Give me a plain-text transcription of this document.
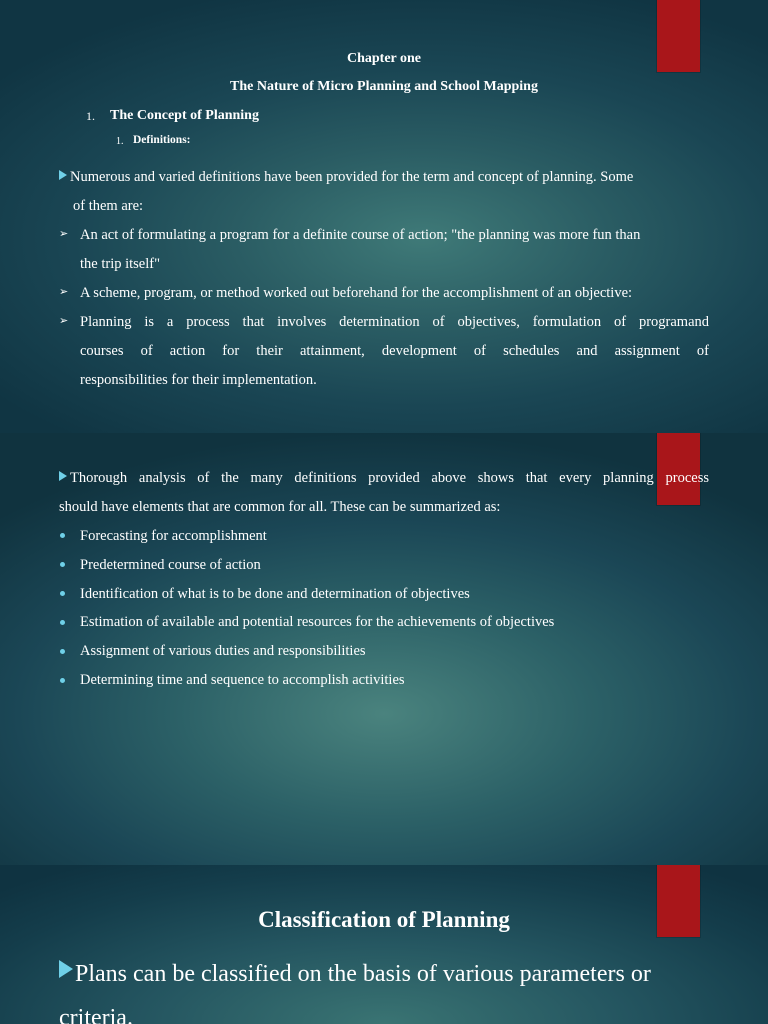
Chapter one
The Nature of Micro Planning and School Mapping
1. The Concept of Planning
1. Definitions:
Numerous and varied definitions have been provided for the term and concept of planning. Some
of them are:
➢ An act of formulating a program for a definite course of action; "the planning was more fun than
the trip itself"
➢ A scheme, program, or method worked out beforehand for the accomplishment of an objective:
➢ Planning is a process that involves determination of objectives, formulation of programand
courses of action for their attainment, development of schedules and assignment of
responsibilities for their implementation.
Thorough analysis of the many definitions provided above shows that every planning process
should have elements that are common for all. These can be summarized as:
Forecasting for accomplishment
Predetermined course of action
Identification of what is to be done and determination of objectives
Estimation of available and potential resources for the achievements of objectives
Assignment of various duties and responsibilities
Determining time and sequence to accomplish activities
Classification of Planning
Plans can be classified on the basis of various parameters or
criteria.
